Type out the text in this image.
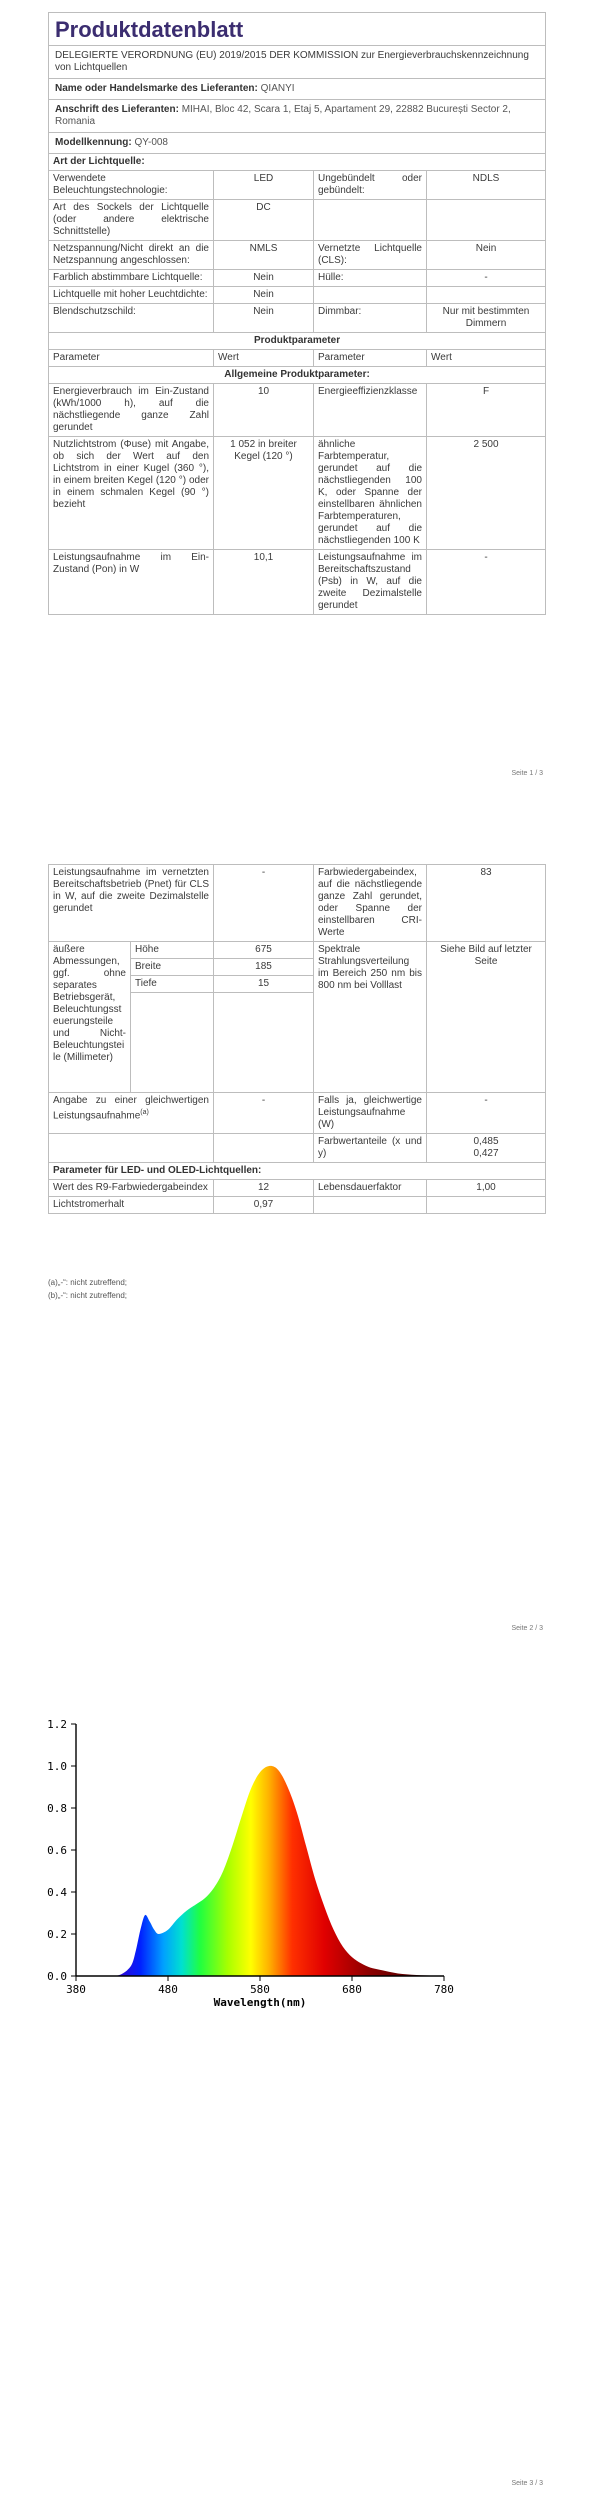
Produktdatenblatt			
DELEGIERTE VERORDNUNG (EU) 2019/2015 DER KOMMISSION zur Energieverbrauchskennzeichnung von Lichtquellen			
Name oder Handelsmarke des Lieferanten: QIANYI			
Anschrift des Lieferanten: MIHAI, Bloc 42, Scara 1, Etaj 5, Apartament 29, 22882 București Sector 2, Romania			
Modellkennung: QY-008			
Art der Lichtquelle:			
Verwendete Beleuchtungstechnologie:	LED	Ungebündelt oder gebündelt:	NDLS
Art des Sockels der Lichtquelle (oder andere elektrische Schnittstelle)	DC		
Netzspannung/Nicht direkt an die Netzspannung angeschlossen:	NMLS	Vernetzte Lichtquelle (CLS):	Nein
Farblich abstimmbare Lichtquelle:	Nein	Hülle:	-
Lichtquelle mit hoher Leuchtdichte:	Nein		
Blendschutzschild:	Nein	Dimmbar:	Nur mit bestimmten Dimmern
Produktparameter			
Parameter	Wert	Parameter	Wert
Allgemeine Produktparameter:			
Energieverbrauch im Ein-Zustand (kWh/1000 h), auf die nächstliegende ganze Zahl gerundet	10	Energieeffizienzklasse	F
Nutzlichtstrom (Φuse) mit Angabe, ob sich der Wert auf den Lichtstrom in einer Kugel (360 °), in einem breiten Kegel (120 °) oder in einem schmalen Kegel (90 °) bezieht	1 052 in breiter Kegel (120 °)	ähnliche Farbtemperatur, gerundet auf die nächstliegenden 100 K, oder Spanne der einstellbaren ähnlichen Farbtemperaturen, gerundet auf die nächstliegenden 100 K	2 500
Leistungsaufnahme im Ein-Zustand (Pon) in W	10,1	Leistungsaufnahme im Bereitschaftszustand (Psb) in W, auf die zweite Dezimalstelle gerundet	-
Seite 1 / 3
Leistungsaufnahme im vernetzten Bereitschaftsbetrieb (Pnet) für CLS in W, auf die zweite Dezimalstelle gerundet		-	Farbwiedergabeindex, auf die nächstliegende ganze Zahl gerundet, oder Spanne der einstellbaren CRI-Werte	83
äußere Abmessungen, ggf. ohne separates Betriebsgerät, Beleuchtungssteuerungsteile und Nicht-Beleuchtungsteile (Millimeter)	Höhe	675	Spektrale Strahlungsverteilung im Bereich 250 nm bis 800 nm bei Volllast	Siehe Bild auf letzter Seite
	Breite	185		
	Tiefe	15		

Angabe zu einer gleichwertigen Leistungsaufnahme$^{(a)}$		-	Falls ja, gleichwertige Leistungsaufnahme (W)	-
			Farbwertanteile (x und y)	0,485
0,427
Parameter für LED- und OLED-Lichtquellen:				
Wert des R9-Farbwiedergabeindex		12	Lebensdauerfaktor	1,00
Lichtstromerhalt		0,97		
(a)„-“: nicht zutreffend;
(b)„-“: nicht zutreffend;
Seite 2 / 3
0.0
0.2
0.4
0.6
0.8
1.0
1.2
380	480	580	680	780
Wavelength(nm)
Seite 3 / 3
